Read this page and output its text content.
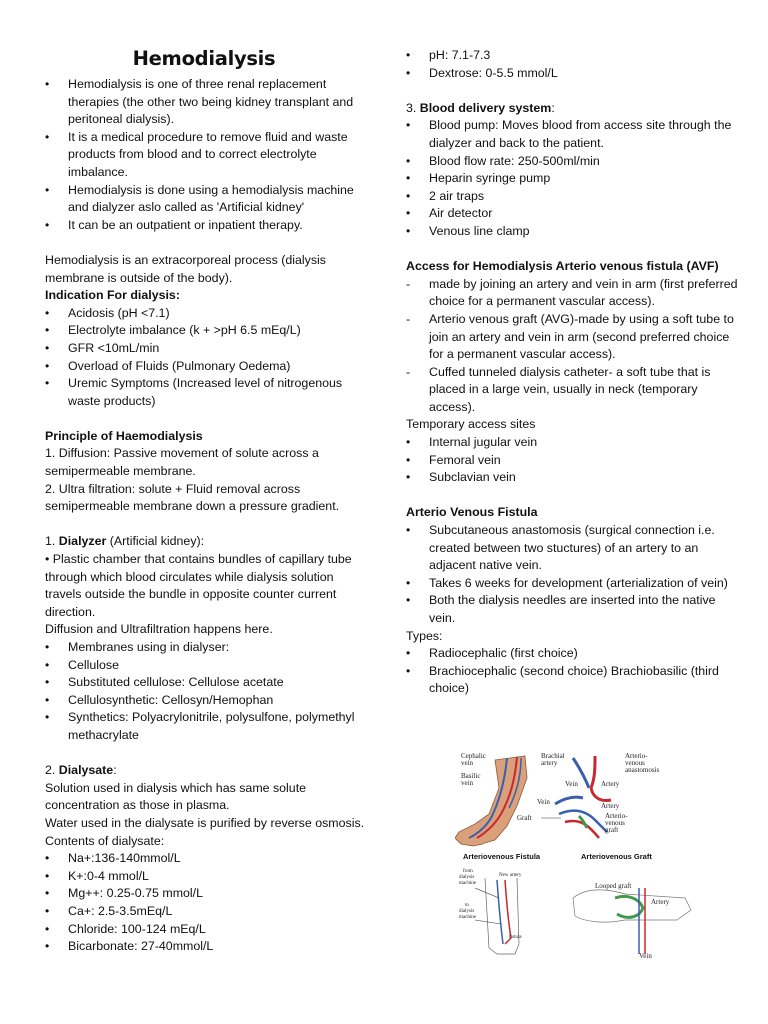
Hemodialysis
• Hemodialysis is one of three renal replacement therapies (the other two being kidney transplant and peritoneal dialysis).
• It is a medical procedure to remove fluid and waste products from blood and to correct electrolyte imbalance.
• Hemodialysis is done using a hemodialysis machine and dialyzer aslo called as 'Artificial kidney'
• It can be an outpatient or inpatient therapy.

Hemodialysis is an extracorporeal process (dialysis membrane is outside of the body).

Indication For dialysis:

• Acidosis (pH <7.1)
• Electrolyte imbalance (k + >pH 6.5 mEq/L)
• GFR <10mL/min
• Overload of Fluids (Pulmonary Oedema)
• Uremic Symptoms (Increased level of nitrogenous waste products)

Principle of Haemodialysis

1. Diffusion: Passive movement of solute across a semipermeable membrane.

2. Ultra filtration: solute + Fluid removal across semipermeable membrane down a pressure gradient.

1. Dialyzer (Artificial kidney):

• Plastic chamber that contains bundles of capillary tube through which blood circulates while dialysis solution travels outside the bundle in opposite counter current direction.

Diffusion and Ultrafiltration happens here.

• Membranes using in dialyser:
• Cellulose
• Substituted cellulose: Cellulose acetate
• Cellulosynthetic: Cellosyn/Hemophan
• Synthetics: Polyacrylonitrile, polysulfone, polymethyl methacrylate

2. Dialysate:

Solution used in dialysis which has same solute concentration as those in plasma.

Water used in the dialysate is purified by reverse osmosis.

Contents of dialysate:

• Na+:136-140mmol/L
• K+:0-4 mmol/L
• Mg++: 0.25-0.75 mmol/L
• Ca+: 2.5-3.5mEq/L
• Chloride: 100-124 mEq/L
• Bicarbonate: 27-40mmol/L
• pH: 7.1-7.3
• Dextrose: 0-5.5 mmol/L

3. Blood delivery system:

• Blood pump: Moves blood from access site through the dialyzer and back to the patient.
• Blood flow rate: 250-500ml/min
• Heparin syringe pump
• 2 air traps
• Air detector
• Venous line clamp

Access for Hemodialysis Arterio venous fistula (AVF)

- made by joining an artery and vein in arm (first preferred choice for a permanent vascular access).
- Arterio venous graft (AVG)-made by using a soft tube to join an artery and vein in arm (second preferred choice for a permanent vascular access).
- Cuffed tunneled dialysis catheter- a soft tube that is placed in a large vein, usually in neck (temporary access).

Temporary access sites

• Internal jugular vein
• Femoral vein
• Subclavian vein

Arterio Venous Fistula

• Subcutaneous anastomosis (surgical connection i.e. created between two stuctures) of an artery to an adjacent native vein.
• Takes 6 weeks for development (arterialization of vein)
• Both the dialysis needles are inserted into the native vein.

Types:

• Radiocephalic (first choice)
• Brachiocephalic (second choice) Brachiobasilic (third choice)
Cephalic
vein
Brachial
artery
Basilic
vein
Arterio-
venous
anastomosis
Vein	Artery
Vein	Artery
Graft	Arterio-
venous
graft
Arteriovenous Fistula	Arteriovenous Graft
from
dialysis
machine
New artery
to
dialysis
machine
fistula
Looped graft
Artery
Vein
